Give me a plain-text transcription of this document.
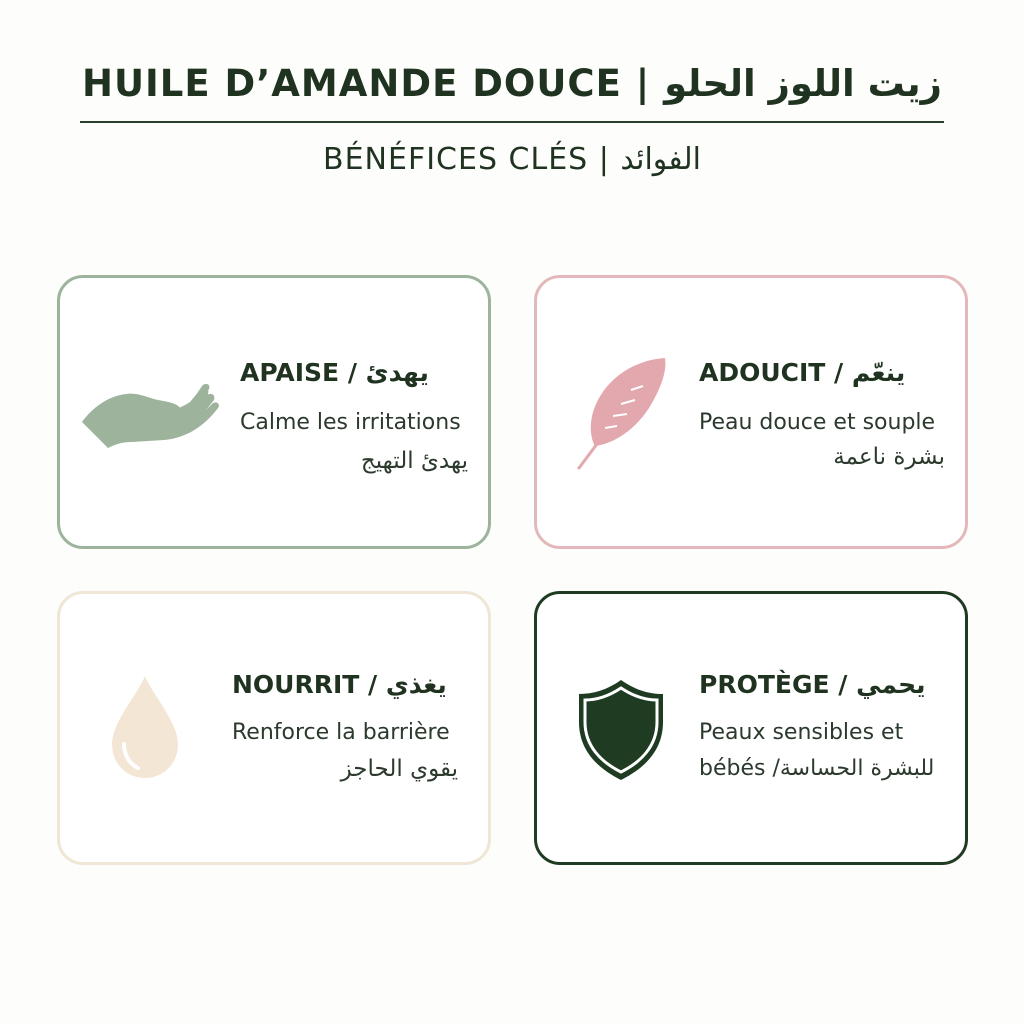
HUILE D’AMANDE DOUCE | زيت اللوز الحلو
BÉNÉFICES CLÉS | الفوائد
APAISE / يهدئ
Calme les irritations
يهدئ التهيج
ADOUCIT / ينعّم
Peau douce et souple
بشرة ناعمة
NOURRIT / يغذي
Renforce la barrière
يقوي الحاجز
PROTÈGE / يحمي
Peaux sensibles et
bébés /للبشرة الحساسة
